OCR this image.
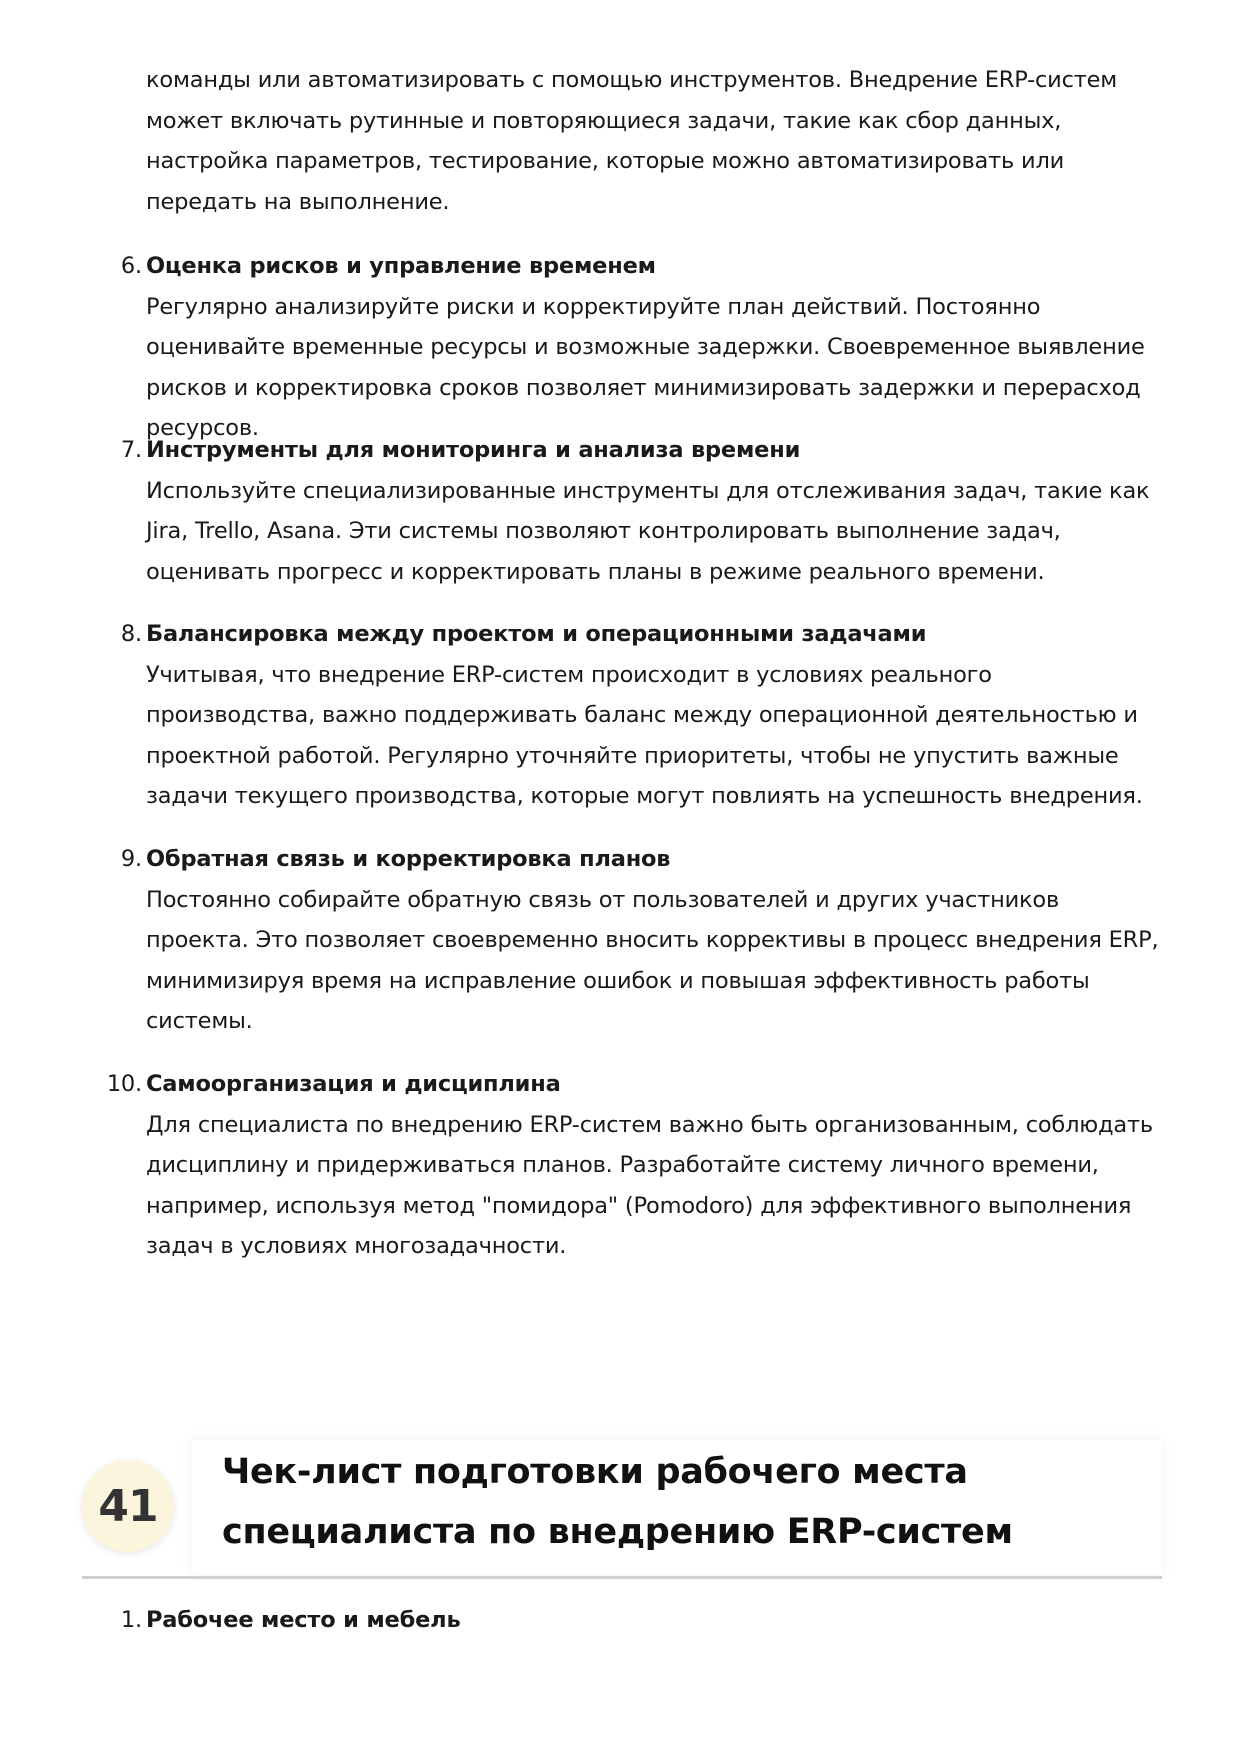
команды или автоматизировать с помощью инструментов. Внедрение ERP-систем может включать рутинные и повторяющиеся задачи, такие как сбор данных, настройка параметров, тестирование, которые можно автоматизировать или передать на выполнение.
6. Оценка рисков и управление временем
Регулярно анализируйте риски и корректируйте план действий. Постоянно оценивайте временные ресурсы и возможные задержки. Своевременное выявление рисков и корректировка сроков позволяет минимизировать задержки и перерасход ресурсов.
7. Инструменты для мониторинга и анализа времени
Используйте специализированные инструменты для отслеживания задач, такие как Jira, Trello, Asana. Эти системы позволяют контролировать выполнение задач, оценивать прогресс и корректировать планы в режиме реального времени.
8. Балансировка между проектом и операционными задачами
Учитывая, что внедрение ERP-систем происходит в условиях реального производства, важно поддерживать баланс между операционной деятельностью и проектной работой. Регулярно уточняйте приоритеты, чтобы не упустить важные задачи текущего производства, которые могут повлиять на успешность внедрения.
9. Обратная связь и корректировка планов
Постоянно собирайте обратную связь от пользователей и других участников проекта. Это позволяет своевременно вносить коррективы в процесс внедрения ERP, минимизируя время на исправление ошибок и повышая эффективность работы системы.
10. Самоорганизация и дисциплина
Для специалиста по внедрению ERP-систем важно быть организованным, соблюдать дисциплину и придерживаться планов. Разработайте систему личного времени, например, используя метод "помидора" (Pomodoro) для эффективного выполнения задач в условиях многозадачности.
41
Чек-лист подготовки рабочего места специалиста по внедрению ERP-систем
1. Рабочее место и мебель
